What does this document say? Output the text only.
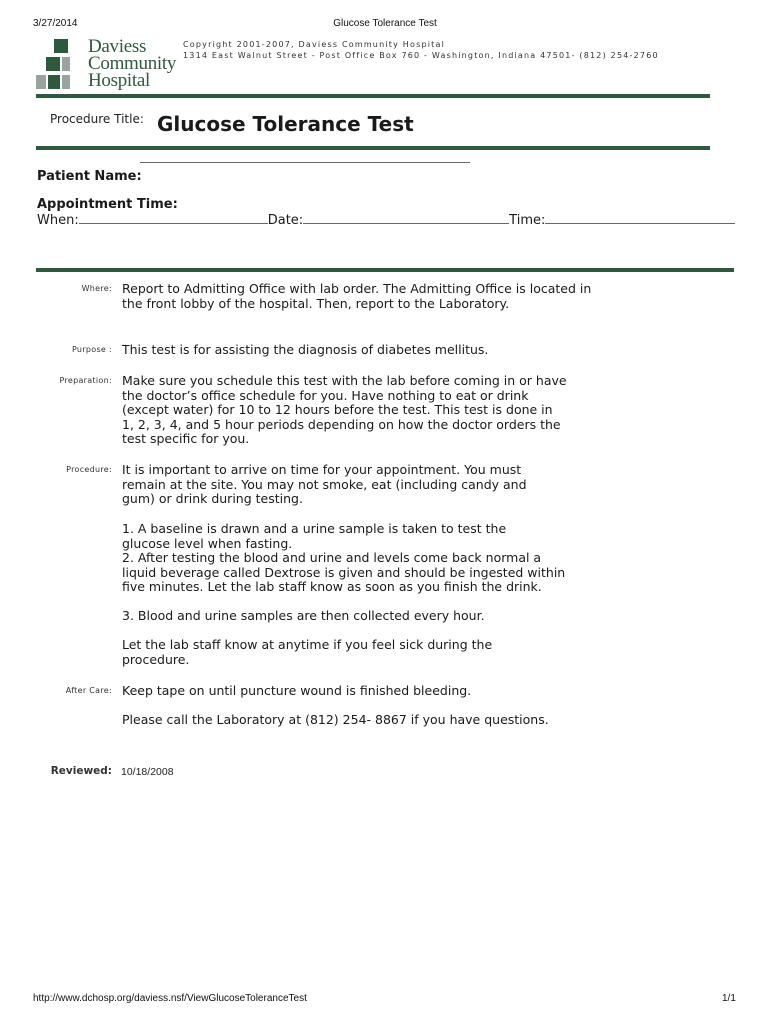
3/27/2014	Glucose Tolerance Test
Daviess
Community
Hospital
Copyright 2001-2007, Daviess Community Hospital
1314 East Walnut Street - Post Office Box 760 - Washington, Indiana 47501- (812) 254-2760
Procedure Title: Glucose Tolerance Test
Patient Name:
Appointment Time:
When:	Date:	Time:
Where: Report to Admitting Office with lab order. The Admitting Office is located in the front lobby of the hospital. Then, report to the Laboratory.
Purpose : This test is for assisting the diagnosis of diabetes mellitus.
Preparation: Make sure you schedule this test with the lab before coming in or have the doctor’s office schedule for you. Have nothing to eat or drink (except water) for 10 to 12 hours before the test. This test is done in 1, 2, 3, 4, and 5 hour periods depending on how the doctor orders the test specific for you.
Procedure: It is important to arrive on time for your appointment. You must remain at the site. You may not smoke, eat (including candy and gum) or drink during testing.
1. A baseline is drawn and a urine sample is taken to test the glucose level when fasting.
2. After testing the blood and urine and levels come back normal a liquid beverage called Dextrose is given and should be ingested within five minutes. Let the lab staff know as soon as you finish the drink.
3. Blood and urine samples are then collected every hour.
Let the lab staff know at anytime if you feel sick during the procedure.
After Care: Keep tape on until puncture wound is finished bleeding.
Please call the Laboratory at (812) 254- 8867 if you have questions.
Reviewed: 10/18/2008
http://www.dchosp.org/daviess.nsf/ViewGlucoseToleranceTest	1/1
